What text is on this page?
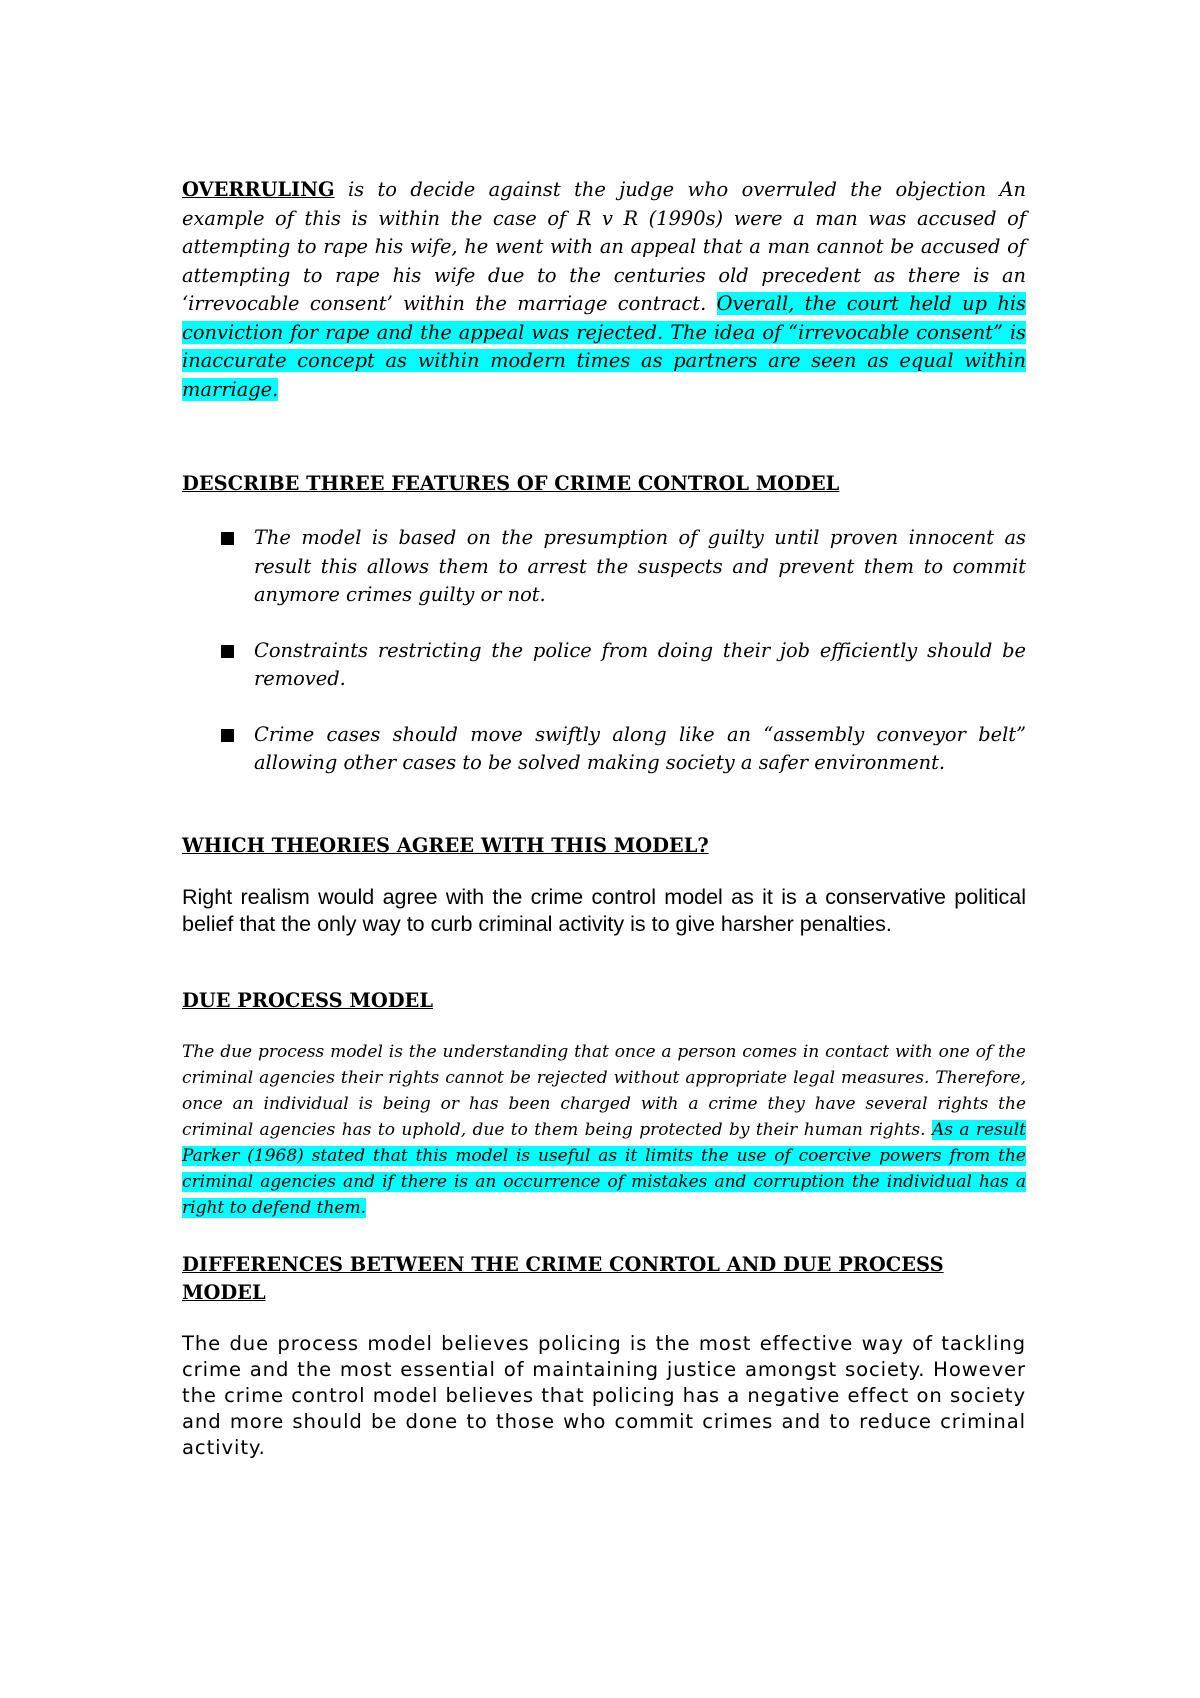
OVERRULING is to decide against the judge who overruled the objection An example of this is within the case of R v R (1990s) were a man was accused of attempting to rape his wife, he went with an appeal that a man cannot be accused of attempting to rape his wife due to the centuries old precedent as there is an ‘irrevocable consent’ within the marriage contract. Overall, the court held up his conviction for rape and the appeal was rejected. The idea of “irrevocable consent” is inaccurate concept as within modern times as partners are seen as equal within marriage.

DESCRIBE THREE FEATURES OF CRIME CONTROL MODEL
The model is based on the presumption of guilty until proven innocent as result this allows them to arrest the suspects and prevent them to commit anymore crimes guilty or not.
Constraints restricting the police from doing their job efficiently should be removed.
Crime cases should move swiftly along like an “assembly conveyor belt” allowing other cases to be solved making society a safer environment.
WHICH THEORIES AGREE WITH THIS MODEL?

Right realism would agree with the crime control model as it is a conservative political belief that the only way to curb criminal activity is to give harsher penalties.

DUE PROCESS MODEL

The due process model is the understanding that once a person comes in contact with one of the criminal agencies their rights cannot be rejected without appropriate legal measures. Therefore, once an individual is being or has been charged with a crime they have several rights the criminal agencies has to uphold, due to them being protected by their human rights. As a result Parker (1968) stated that this model is useful as it limits the use of coercive powers from the criminal agencies and if there is an occurrence of mistakes and corruption the individual has a right to defend them.

DIFFERENCES BETWEEN THE CRIME CONRTOL AND DUE PROCESS MODEL

The due process model believes policing is the most effective way of tackling crime and the most essential of maintaining justice amongst society. However the crime control model believes that policing has a negative effect on society and more should be done to those who commit crimes and to reduce criminal activity.
